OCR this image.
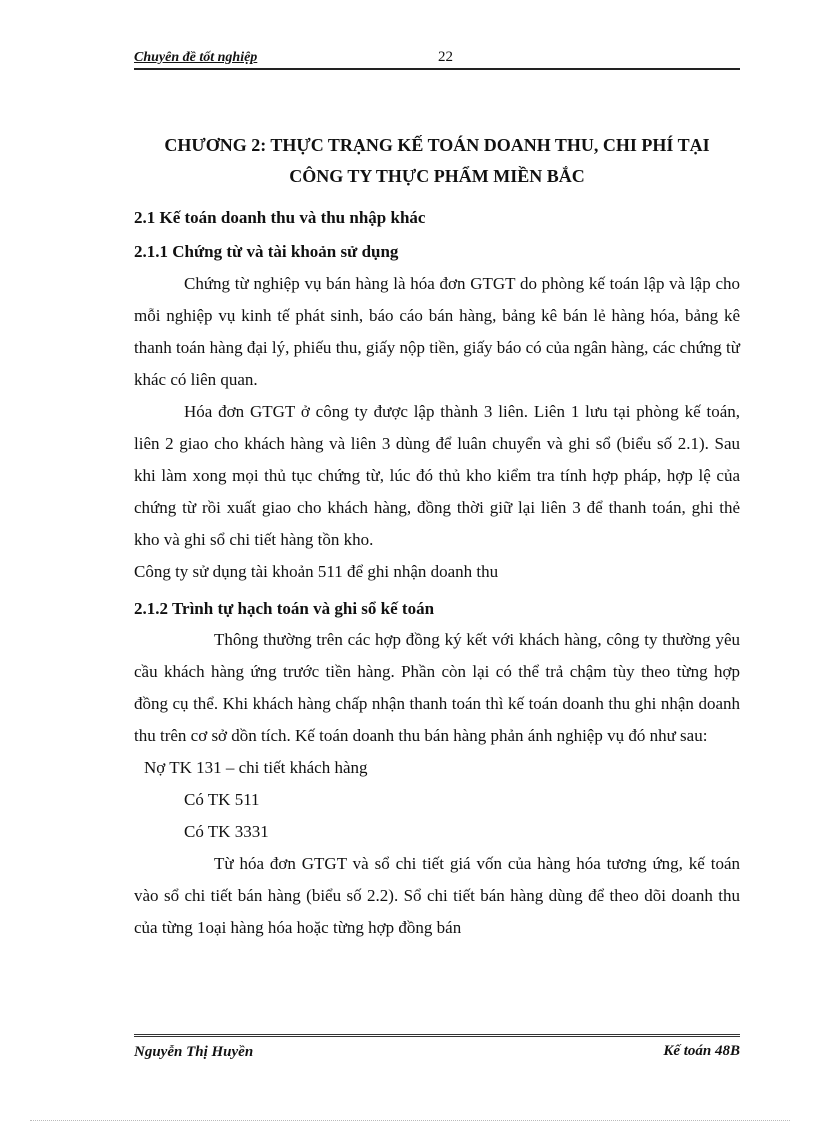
Chuyên đề tốt nghiệp	22

CHƯƠNG 2: THỰC TRẠNG KẾ TOÁN DOANH THU, CHI PHÍ TẠI

CÔNG TY THỰC PHẨM MIỀN BẮC

2.1 Kế toán doanh thu và thu nhập khác

2.1.1 Chứng từ và tài khoản sử dụng

Chứng từ nghiệp vụ bán hàng là hóa đơn GTGT do phòng kế toán lập và lập cho mỗi nghiệp vụ kinh tế phát sinh, báo cáo bán hàng, bảng kê bán lẻ hàng hóa, bảng kê thanh toán hàng đại lý, phiếu thu, giấy nộp tiền, giấy báo có của ngân hàng, các chứng từ khác có liên quan.

Hóa đơn GTGT ở công ty được lập thành 3 liên. Liên 1 lưu tại phòng kế toán, liên 2 giao cho khách hàng và liên 3 dùng để luân chuyển và ghi sổ (biểu số 2.1). Sau khi làm xong mọi thủ tục chứng từ, lúc đó thủ kho kiểm tra tính hợp pháp, hợp lệ của chứng từ rồi xuất giao cho khách hàng, đồng thời giữ lại liên 3 để thanh toán, ghi thẻ kho và ghi sổ chi tiết hàng tồn kho.

Công ty sử dụng tài khoản 511 để ghi nhận doanh thu

2.1.2 Trình tự hạch toán và ghi sổ kế toán

Thông thường trên các hợp đồng ký kết với khách hàng, công ty thường yêu cầu khách hàng ứng trước tiền hàng. Phần còn lại có thể trả chậm tùy theo từng hợp đồng cụ thể. Khi khách hàng chấp nhận thanh toán thì kế toán doanh thu ghi nhận doanh thu trên cơ sở dồn tích. Kế toán doanh thu bán hàng phản ánh nghiệp vụ đó như sau:

Nợ TK 131 – chi tiết khách hàng

Có TK 511

Có TK 3331

Từ hóa đơn GTGT và sổ chi tiết giá vốn của hàng hóa tương ứng, kế toán vào sổ chi tiết bán hàng (biểu số 2.2). Sổ chi tiết bán hàng dùng để theo dõi doanh thu của từng 1oại hàng hóa hoặc từng hợp đồng bán

Nguyễn Thị Huyền	Kế toán 48B
